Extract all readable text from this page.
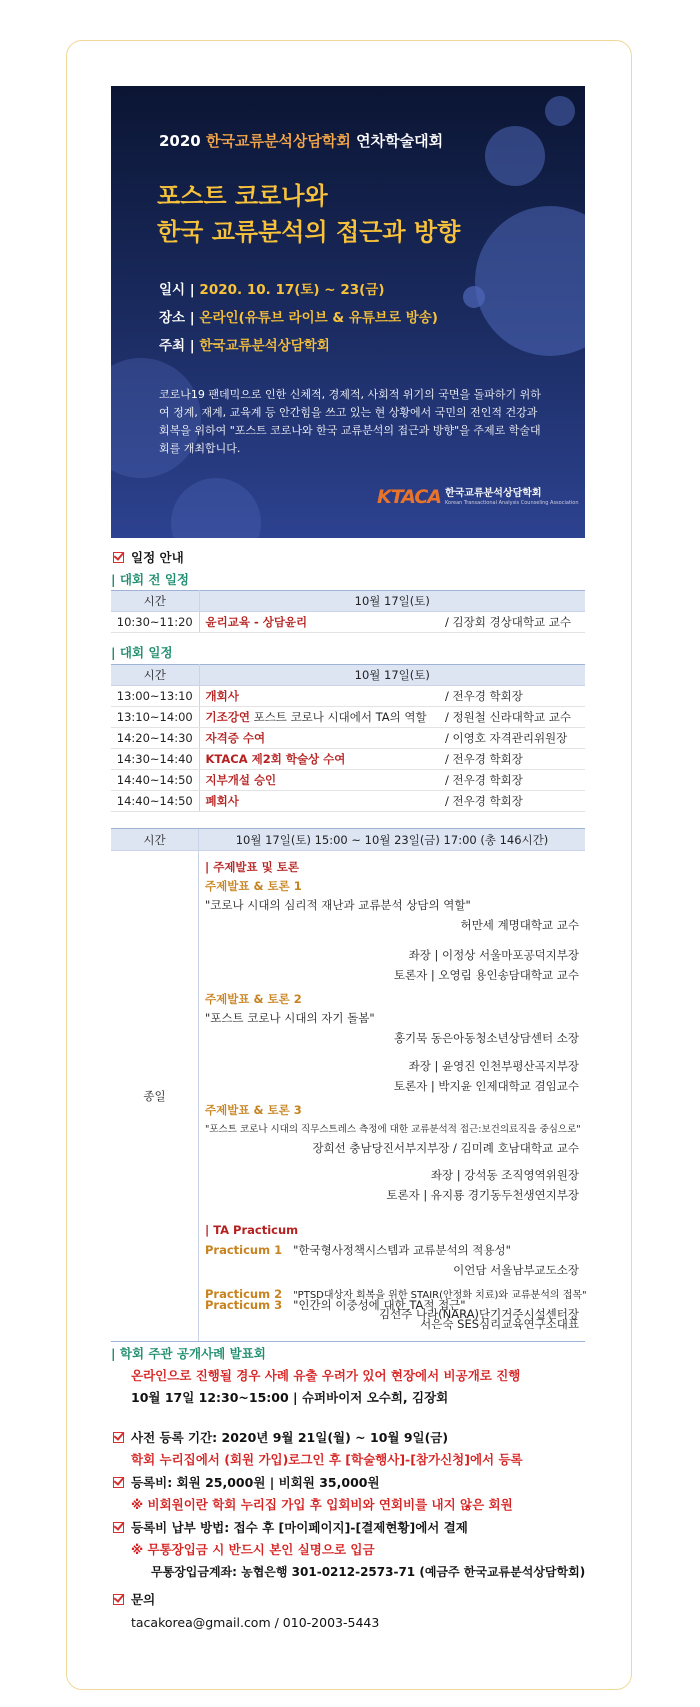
2020 한국교류분석상담학회 연차학술대회
포스트 코로나와
한국 교류분석의 접근과 방향
일시 | 2020. 10. 17(토) ~ 23(금)
장소 | 온라인(유튜브 라이브 & 유튜브로 방송)
주최 | 한국교류분석상담학회
코로나19 팬데믹으로 인한 신체적, 경제적, 사회적 위기의 국면을 돌파하기 위하여 정계, 재계, 교육계 등 안간힘을 쓰고 있는 현 상황에서 국민의 전인적 건강과 회복을 위하여 "포스트 코로나와 한국 교류분석의 접근과 방향"을 주제로 학술대회를 개최합니다.
KTACA 한국교류분석상담학회
Korean Transactional Analysis Counseling Association
일정 안내
| 대회 전 일정
시간	10월 17일(토)
10:30~11:20	윤리교육 - 상담윤리 / 김장회 경상대학교 교수
| 대회 일정
시간	10월 17일(토)
13:00~13:10	개회사 / 전우경 학회장

13:10~14:00	기조강연 포스트 코로나 시대에서 TA의 역할 / 정원철 신라대학교 교수

14:20~14:30	자격증 수여 / 이영호 자격관리위원장

14:30~14:40	KTACA 제2회 학술상 수여 / 전우경 학회장

14:40~14:50	지부개설 승인 / 전우경 학회장

14:40~14:50	폐회사 / 전우경 학회장
시간	10월 17일(토) 15:00 ~ 10월 23일(금) 17:00 (총 146시간)
종일
| 주제발표 및 토론
주제발표 & 토론 1
"코로나 시대의 심리적 재난과 교류분석 상담의 역할"
허만세 계명대학교 교수
좌장 | 이정상 서울마포공덕지부장
토론자 | 오영림 용인송담대학교 교수
주제발표 & 토론 2
"포스트 코로나 시대의 자기 돌봄"
홍기묵 동은아동청소년상담센터 소장
좌장 | 윤영진 인천부평산곡지부장
토론자 | 박지윤 인제대학교 겸임교수
주제발표 & 토론 3
"포스트 코로나 시대의 직무스트레스 측정에 대한 교류분석적 접근:보건의료직을 중심으로"
장희선 충남당진서부지부장 / 김미례 호남대학교 교수
좌장 | 강석동 조직영역위원장
토론자 | 유지룡 경기동두천생연지부장
| TA Practicum
Practicum 1 "한국형사정책시스템과 교류분석의 적용성"
이언담 서울남부교도소장
Practicum 2 "PTSD대상자 회복을 위한 STAIR(안정화 치료)와 교류분석의 접목"
김선주 나라(NARA)단기거주시설센터장
Practicum 3 "인간의 이중성에 대한 TA적 접근"
서은숙 SES심리교육연구소대표
| 학회 주관 공개사례 발표회
온라인으로 진행될 경우 사례 유출 우려가 있어 현장에서 비공개로 진행
10월 17일 12:30~15:00 | 슈퍼바이저 오수희, 김장회
사전 등록 기간: 2020년 9월 21일(월) ~ 10월 9일(금)
학회 누리집에서 (회원 가입)로그인 후 [학술행사]-[참가신청]에서 등록
등록비: 회원 25,000원 | 비회원 35,000원
※ 비회원이란 학회 누리집 가입 후 입회비와 연회비를 내지 않은 회원
등록비 납부 방법: 접수 후 [마이페이지]-[결제현황]에서 결제
※ 무통장입금 시 반드시 본인 실명으로 입금
무통장입금계좌: 농협은행 301-0212-2573-71 (예금주 한국교류분석상담학회)
문의
tacakorea@gmail.com / 010-2003-5443
